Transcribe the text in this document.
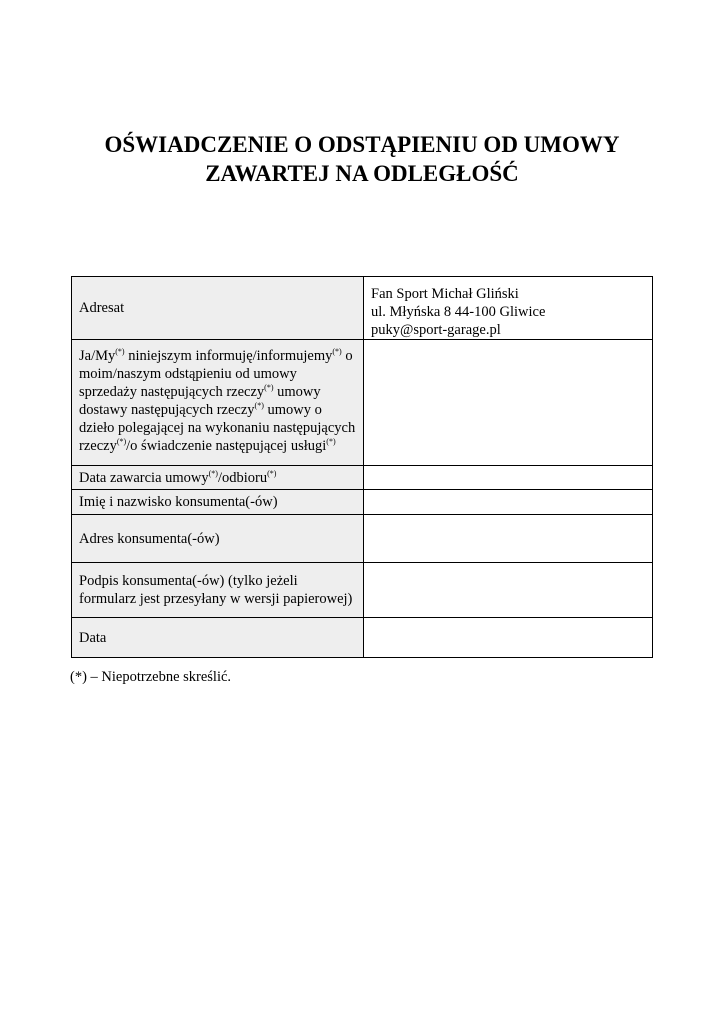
OŚWIADCZENIE O ODSTĄPIENIU OD UMOWY
ZAWARTEJ NA ODLEGŁOŚĆ
Adresat	Fan Sport Michał Gliński
ul. Młyńska 8 44-100 Gliwice
puky@sport-garage.pl

Ja/My(*) niniejszym informuję/informujemy(*) o moim/naszym odstąpieniu od umowy sprzedaży następujących rzeczy(*) umowy dostawy następujących rzeczy(*) umowy o dzieło polegającej na wykonaniu następujących rzeczy(*)/o świadczenie następującej usługi(*)	
Data zawarcia umowy(*)/odbioru(*)	
Imię i nazwisko konsumenta(-ów)	
Adres konsumenta(-ów)	
Podpis konsumenta(-ów) (tylko jeżeli formularz jest przesyłany w wersji papierowej)	
Data	
(*) – Niepotrzebne skreślić.
